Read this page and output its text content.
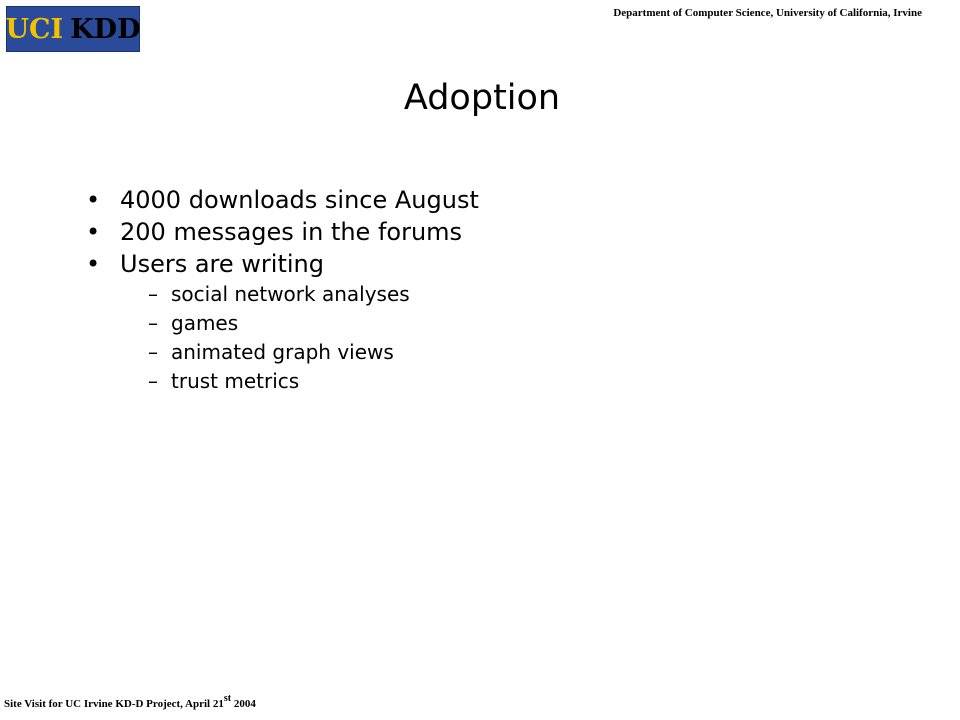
UCI KDD
Department of Computer Science, University of California, Irvine
Adoption
• 4000 downloads since August
• 200 messages in the forums
• Users are writing
– social network analyses
– games
– animated graph views
– trust metrics
Site Visit for UC Irvine KD-D Project, April 21st 2004
